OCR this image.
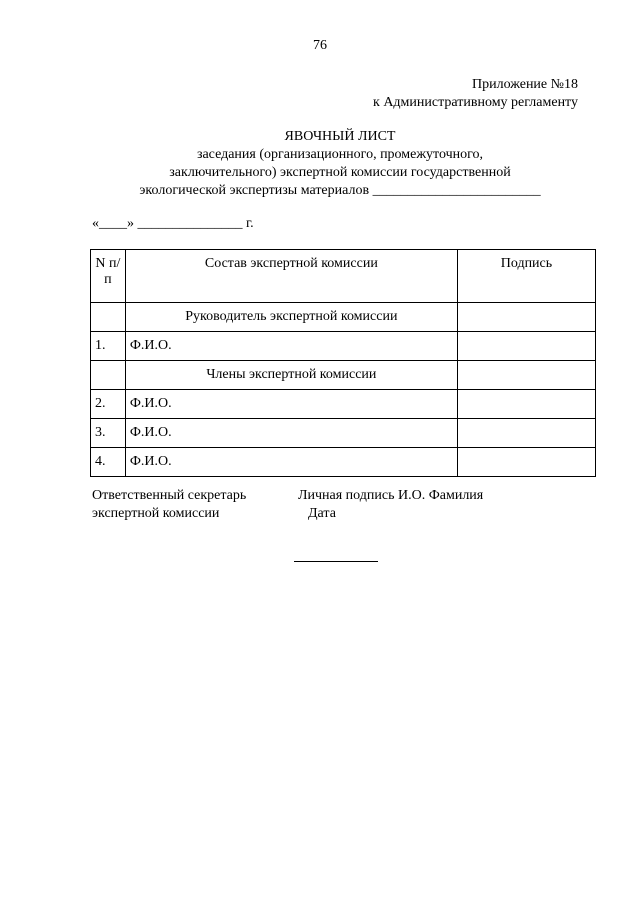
76
Приложение №18
к Административному регламенту
ЯВОЧНЫЙ ЛИСТ
заседания (организационного, промежуточного,
заключительного) экспертной комиссии государственной
экологической экспертизы материалов ________________________
«____» _______________ г.
N п/п	Состав экспертной комиссии	Подпись
	Руководитель экспертной комиссии	
1.	Ф.И.О.	
	Члены экспертной комиссии	
2.	Ф.И.О.	
3.	Ф.И.О.	
4.	Ф.И.О.	
Ответственный секретарь
экспертной комиссии
Личная подпись И.О. Фамилия
Дата
